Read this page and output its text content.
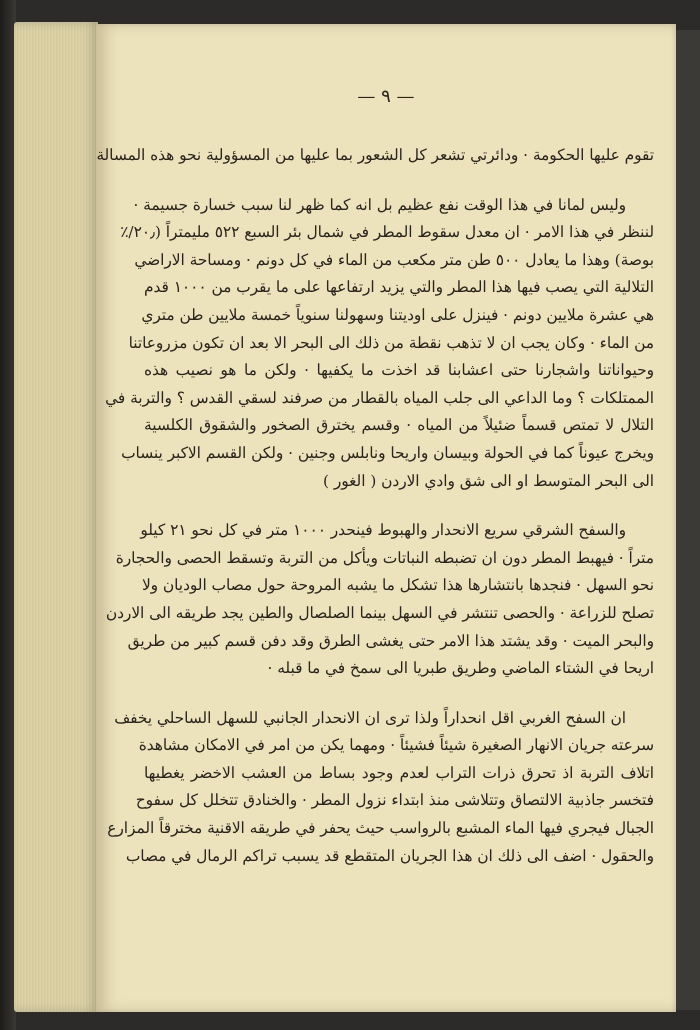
— ٩ —

تقوم عليها الحكومة · ودائرتي تشعر كل الشعور بما عليها من المسؤولية نحو هذه المسالة

وليس لمانا في هذا الوقت نفع عظيم بل انه كما ظهر لنا سبب خسارة جسيمة ·
لننظر في هذا الامر · ان معدل سقوط المطر في شمال بئر السبع ٥٢٢ مليمتراً (٢٠٫/٪
بوصة) وهذا ما يعادل ٥٠٠ طن متر مكعب من الماء في كل دونم · ومساحة الاراضي
التلالية التي يصب فيها هذا المطر والتي يزيد ارتفاعها على ما يقرب من ١٠٠٠ قدم
هي عشرة ملايين دونم · فينزل على اوديتنا وسهولنا سنوياً خمسة ملايين طن متري
من الماء · وكان يجب ان لا تذهب نقطة من ذلك الى البحر الا بعد ان تكون مزروعاتنا
وحيواناتنا واشجارنا حتى اعشابنا قد اخذت ما يكفيها · ولكن ما هو نصيب هذه
الممتلكات ؟ وما الداعي الى جلب المياه بالقطار من صرفند لسقي القدس ؟ والتربة في
التلال لا تمتص قسماً ضئيلاً من المياه · وقسم يخترق الصخور والشقوق الكلسية
ويخرج عيوناً كما في الحولة وبيسان واريحا ونابلس وجنين · ولكن القسم الاكبر ينساب
الى البحر المتوسط او الى شق وادي الاردن ( الغور )

والسفح الشرقي سريع الانحدار والهبوط فينحدر ١٠٠٠ متر في كل نحو ٢١ كيلو
متراً · فيهبط المطر دون ان تضبطه النباتات ويأكل من التربة وتسقط الحصى والحجارة
نحو السهل · فنجدها بانتشارها هذا تشكل ما يشبه المروحة حول مصاب الوديان ولا
تصلح للزراعة · والحصى تنتشر في السهل بينما الصلصال والطين يجد طريقه الى الاردن
والبحر الميت · وقد يشتد هذا الامر حتى يغشى الطرق وقد دفن قسم كبير من طريق
اريحا في الشتاء الماضي وطريق طبريا الى سمخ في ما قبله ·

ان السفح الغربي اقل انحداراً ولذا ترى ان الانحدار الجانبي للسهل الساحلي يخفف
سرعته جريان الانهار الصغيرة شيئاً فشيئاً · ومهما يكن من امر في الامكان مشاهدة
اتلاف التربة اذ تحرق ذرات التراب لعدم وجود بساط من العشب الاخضر يغطيها
فتخسر جاذبية الالتصاق وتتلاشى منذ ابتداء نزول المطر · والخنادق تتخلل كل سفوح
الجبال فيجري فيها الماء المشبع بالرواسب حيث يحفر في طريقه الاقنية مخترقاً المزارع
والحقول · اضف الى ذلك ان هذا الجريان المتقطع قد يسبب تراكم الرمال في مصاب
